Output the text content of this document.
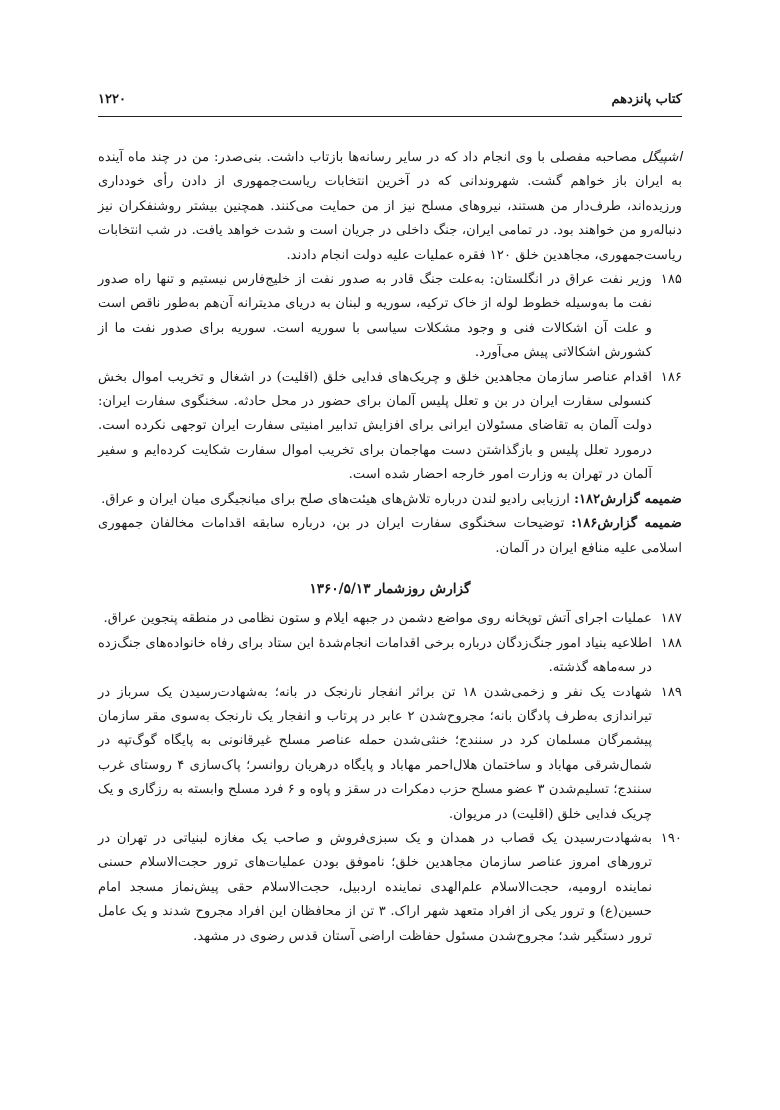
کتاب پانزدهم
۱۲۲۰

اشپیگل مصاحبه مفصلی با وی انجام داد که در سایر رسانه‌ها بازتاب داشت. بنی‌صدر: من در چند ماه آینده به ایران باز خواهم گشت. شهروندانی که در آخرین انتخابات ریاست‌جمهوری از دادن رأی خودداری ورزیده‌اند، طرف‌دار من هستند، نیروهای مسلح نیز از من حمایت می‌کنند. همچنین بیشتر روشنفکران نیز دنباله‌رو من خواهند بود. در تمامی ایران، جنگ داخلی در جریان است و شدت خواهد یافت. در شب انتخابات ریاست‌جمهوری، مجاهدین خلق ۱۲۰ فقره عملیات علیه دولت انجام دادند.

۱۸۵
وزیر نفت عراق در انگلستان: به‌علت جنگ قادر به صدور نفت از خلیج‌فارس نیستیم و تنها راه صدور نفت ما به‌وسیله خطوط لوله از خاک ترکیه، سوریه و لبنان به دریای مدیترانه آن‌هم به‌طور ناقص است و علت آن اشکالات فنی و وجود مشکلات سیاسی با سوریه است. سوریه برای صدور نفت ما از کشورش اشکالاتی پیش می‌آورد.
۱۸۶
اقدام عناصر سازمان مجاهدین خلق و چریک‌های فدایی خلق (اقلیت) در اشغال و تخریب اموال بخش کنسولی سفارت ایران در بن و تعلل پلیس آلمان برای حضور در محل حادثه. سخنگوی سفارت ایران: دولت آلمان به تقاضای مسئولان ایرانی برای افزایش تدابیر امنیتی سفارت ایران توجهی نکرده است. درمورد تعلل پلیس و بازگذاشتن دست مهاجمان برای تخریب اموال سفارت شکایت کرده‌ایم و سفیر آلمان در تهران به وزارت امور خارجه احضار شده است.

ضمیمه گزارش۱۸۲: ارزیابی رادیو لندن درباره تلاش‌های هیئت‌های صلح برای میانجیگری میان ایران و عراق.

ضمیمه گزارش۱۸۶: توضیحات سخنگوی سفارت ایران در بن، درباره سابقه اقدامات مخالفان جمهوری اسلامی علیه منافع ایران در آلمان.

گزارش روزشمار ۱۳۶۰/۵/۱۳
۱۸۷
عملیات اجرای آتش توپخانه روی مواضع دشمن در جبهه ایلام و ستون نظامی در منطقه پنجوین عراق.
۱۸۸
اطلاعیه بنیاد امور جنگ‌زدگان درباره برخی اقدامات انجام‌شدهٔ این ستاد برای رفاه خانواده‌های جنگ‌زده در سه‌ماهه گذشته.
۱۸۹
شهادت یک نفر و زخمی‌شدن ۱۸ تن براثر انفجار نارنجک در بانه؛ به‌شهادت‌رسیدن یک سرباز در تیراندازی به‌طرف پادگان بانه؛ مجروح‌شدن ۲ عابر در پرتاب و انفجار یک نارنجک به‌سوی مقر سازمان پیشمرگان مسلمان کرد در سنندج؛ خنثی‌شدن حمله عناصر مسلح غیرقانونی به پایگاه گوگ‌تپه در شمال‌شرقی مهاباد و ساختمان هلال‌احمر مهاباد و پایگاه درهریان روانسر؛ پاک‌سازی ۴ روستای غرب سنندج؛ تسلیم‌شدن ۳ عضو مسلح حزب دمکرات در سقز و پاوه و ۶ فرد مسلح وابسته به رزگاری و یک چریک فدایی خلق (اقلیت) در مریوان.
۱۹۰
به‌شهادت‌رسیدن یک قصاب در همدان و یک سبزی‌فروش و صاحب یک مغازه لبنیاتی در تهران در ترورهای امروز عناصر سازمان مجاهدین خلق؛ ناموفق بودن عملیات‌های ترور حجت‌الاسلام حسنی نماینده ارومیه، حجت‌الاسلام علم‌الهدی نماینده اردبیل، حجت‌الاسلام حقی پیش‌نماز مسجد امام حسین(ع) و ترور یکی از افراد متعهد شهر اراک. ۳ تن از محافظان این افراد مجروح شدند و یک عامل ترور دستگیر شد؛ مجروح‌شدن مسئول حفاظت اراضی آستان قدس رضوی در مشهد.
